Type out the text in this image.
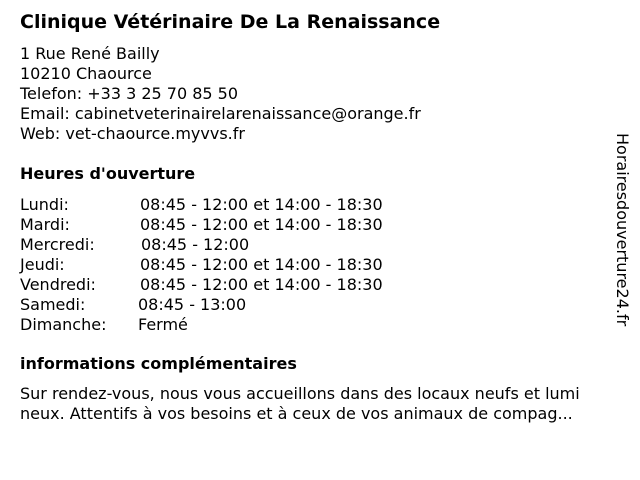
Clinique Vétérinaire De La Renaissance
1 Rue René Bailly
10210 Chaource
Telefon: +33 3 25 70 85 50
Email: cabinetveterinairelarenaissance@orange.fr
Web: vet-chaource.myvvs.fr
Heures d'ouverture
Lundi:	08:45 - 12:00 et 14:00 - 18:30
Mardi:	08:45 - 12:00 et 14:00 - 18:30
Mercredi:	08:45 - 12:00
Jeudi:	08:45 - 12:00 et 14:00 - 18:30
Vendredi:	08:45 - 12:00 et 14:00 - 18:30
Samedi:	08:45 - 13:00
Dimanche: Fermé
informations complémentaires
Sur rendez-vous, nous vous accueillons dans des locaux neufs et lumi
neux. Attentifs à vos besoins et à ceux de vos animaux de compag...
Horairesdouverture24.fr
